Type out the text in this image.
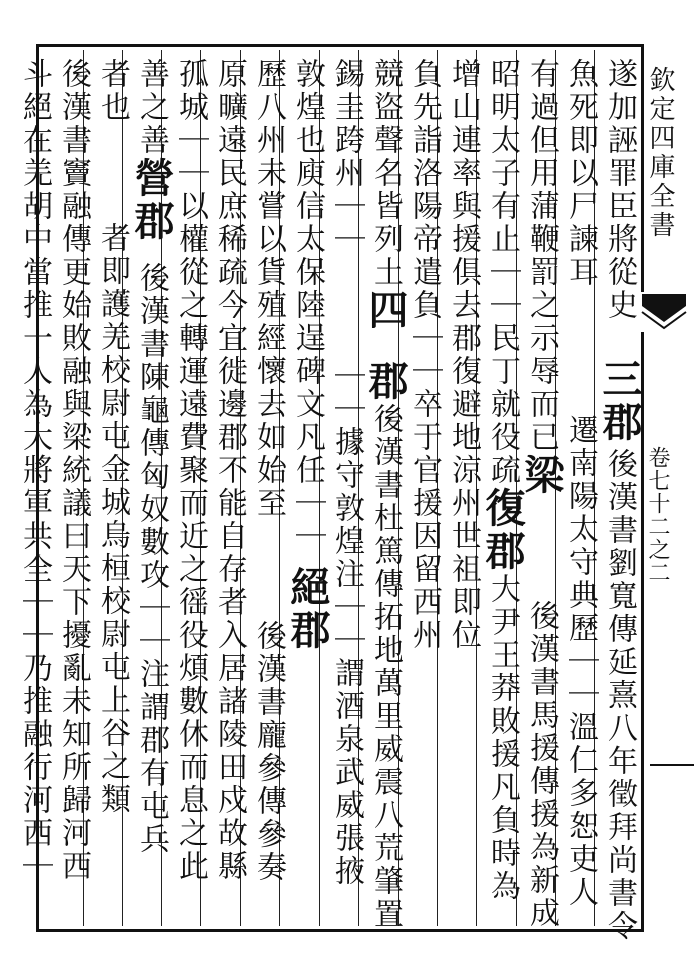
欽定四庫全書
卷七十二之二
遂加誣罪臣將從史
三郡
後漢書劉寬傳延熹八年徵拜尚書令
魚死即以尸諫耳
遷南陽太守典歷｜｜溫仁多恕吏人
有過但用蒲鞭罰之示辱而已梁
後漢書馬援傳援為新成
昭明太子有止｜｜民丁就役疏復
郡大尹王莽敗援凡負時為
增山連率與援俱去郡復避地涼州世祖即位
負先詣洛陽帝遣負｜｜卒于官援因留西州
競盜聲名皆列土四
郡後漢書杜篤傳拓地萬里威震八荒肇置
錫圭跨州｜｜
｜｜據守敦煌注｜｜謂酒泉武威張掖
敦煌也庾信太保陸逞碑文凡任｜｜
絕郡
歷八州未嘗以貨殖經懷去如始至
後漢書龐參傳參奏
原曠遠民庶稀疏今宜徙邊郡不能自存者入居諸陵田戍故縣
孤城｜｜以權從之轉運遠費聚而近之徭役煩數休而息之此
善之善營郡
後漢書陳龜傳匈奴數攻｜｜注謂郡有屯兵
者也
者即護羌校尉屯金城烏桓校尉屯上谷之類
後漢書竇融傳更始敗融與梁統議曰天下擾亂未知所歸河西
斗絕在羌胡中當推一人為大將軍共全｜｜乃推融行河西｜
